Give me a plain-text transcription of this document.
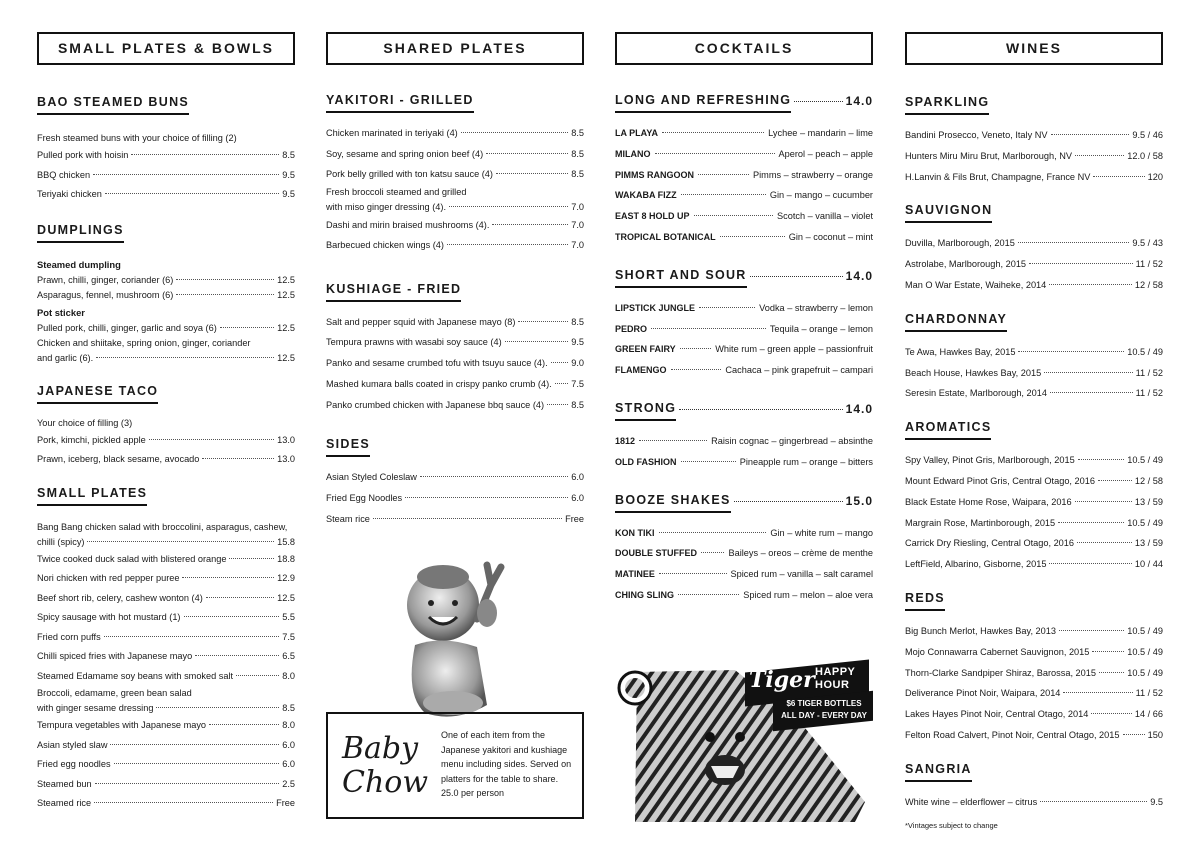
SMALL PLATES & BOWLS
BAO STEAMED BUNS
Fresh steamed buns with your choice of filling (2)
Pulled pork with hoisin	8.5
BBQ chicken	9.5
Teriyaki chicken	9.5
DUMPLINGS
Steamed dumpling
Prawn, chilli, ginger, coriander (6)	12.5
Asparagus, fennel, mushroom (6)	12.5
Pot sticker
Pulled pork, chilli, ginger, garlic and soya (6)	12.5
Chicken and shiitake, spring onion, ginger, coriander
and garlic (6).	12.5
JAPANESE TACO
Your choice of filling (3)
Pork, kimchi, pickled apple	13.0
Prawn, iceberg, black sesame, avocado	13.0
SMALL PLATES
Bang Bang chicken salad with broccolini, asparagus, cashew,
chilli (spicy)	15.8
Twice cooked duck salad with blistered orange	18.8
Nori chicken with red pepper puree	12.9
Beef short rib, celery, cashew wonton (4)	12.5
Spicy sausage with hot mustard (1)	5.5
Fried corn puffs	7.5
Chilli spiced fries with Japanese mayo	6.5
Steamed Edamame soy beans with smoked salt	8.0
Broccoli, edamame, green bean salad
with ginger sesame dressing	8.5
Tempura vegetables with Japanese mayo	8.0
Asian styled slaw	6.0
Fried egg noodles	6.0
Steamed bun	2.5
Steamed rice	Free
SHARED PLATES
YAKITORI - GRILLED
Chicken marinated in teriyaki (4)	8.5
Soy, sesame and spring onion beef (4)	8.5
Pork belly grilled with ton katsu sauce (4)	8.5
Fresh broccoli steamed and grilled
with miso ginger dressing (4).	7.0
Dashi and mirin braised mushrooms (4).	7.0
Barbecued chicken wings (4)	7.0
KUSHIAGE - FRIED
Salt and pepper squid with Japanese mayo (8)	8.5
Tempura prawns with wasabi soy sauce (4)	9.5
Panko and sesame crumbed tofu with tsuyu sauce (4).	9.0
Mashed kumara balls coated in crispy panko crumb (4). 7.5
Panko crumbed chicken with Japanese bbq sauce (4)	8.5
SIDES
Asian Styled Coleslaw	6.0
Fried Egg Noodles	6.0
Steam rice	Free
Baby
Chow
One of each item from the Japanese yakitori and kushiage menu including sides. Served on platters for the table to share. 25.0 per person
COCKTAILS
LONG AND REFRESHING	14.0
LA PLAYA	Lychee – mandarin – lime
MILANO	Aperol – peach – apple
PIMMS RANGOON	Pimms – strawberry – orange
WAKABA FIZZ	Gin – mango – cucumber
EAST 8 HOLD UP	Scotch – vanilla – violet
TROPICAL BOTANICAL	Gin – coconut – mint
SHORT AND SOUR	14.0
LIPSTICK JUNGLE	Vodka – strawberry – lemon
PEDRO	Tequila – orange – lemon
GREEN FAIRY	White rum – green apple – passionfruit
FLAMENGO	Cachaca – pink grapefruit – campari
STRONG	14.0
1812	Raisin cognac – gingerbread – absinthe
OLD FASHION	Pineapple rum – orange – bitters
BOOZE SHAKES	15.0
KON TIKI	Gin – white rum – mango
DOUBLE STUFFED	Baileys – oreos – crème de menthe
MATINEE	Spiced rum – vanilla – salt caramel
CHING SLING	Spiced rum – melon – aloe vera
Tiger HAPPY
HOUR
$6 TIGER BOTTLES
ALL DAY - EVERY DAY
WINES
SPARKLING
Bandini Prosecco, Veneto, Italy NV	9.5 / 46
Hunters Miru Miru Brut, Marlborough, NV	12.0 / 58
H.Lanvin & Fils Brut, Champagne, France NV	120
SAUVIGNON
Duvilla, Marlborough, 2015	9.5 / 43
Astrolabe, Marlborough, 2015	11 / 52
Man O War Estate, Waiheke, 2014	12 / 58
CHARDONNAY
Te Awa, Hawkes Bay, 2015	10.5 / 49
Beach House, Hawkes Bay, 2015	11 / 52
Seresin Estate, Marlborough, 2014	11 / 52
AROMATICS
Spy Valley, Pinot Gris, Marlborough, 2015	10.5 / 49
Mount Edward Pinot Gris, Central Otago, 2016	12 / 58
Black Estate Home Rose, Waipara, 2016	13 / 59
Margrain Rose, Martinborough, 2015	10.5 / 49
Carrick Dry Riesling, Central Otago, 2016	13 / 59
LeftField, Albarino, Gisborne, 2015	10 / 44
REDS
Big Bunch Merlot, Hawkes Bay, 2013	10.5 / 49
Mojo Connawarra Cabernet Sauvignon, 2015	10.5 / 49
Thorn-Clarke Sandpiper Shiraz, Barossa, 2015	10.5 / 49
Deliverance Pinot Noir, Waipara, 2014	11 / 52
Lakes Hayes Pinot Noir, Central Otago, 2014	14 / 66
Felton Road Calvert, Pinot Noir, Central Otago, 2015	150
SANGRIA
White wine – elderflower – citrus	9.5
*Vintages subject to change
